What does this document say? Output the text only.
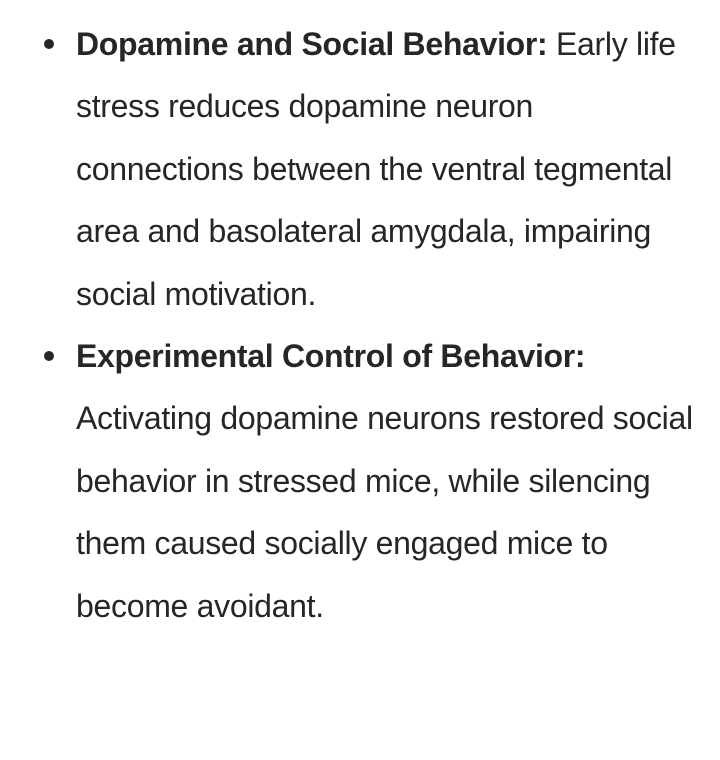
Dopamine and Social Behavior: Early life stress reduces dopamine neuron connections between the ventral tegmental area and basolateral amygdala, impairing social motivation.
Experimental Control of Behavior: Activating dopamine neurons restored social behavior in stressed mice, while silencing them caused socially engaged mice to become avoidant.
